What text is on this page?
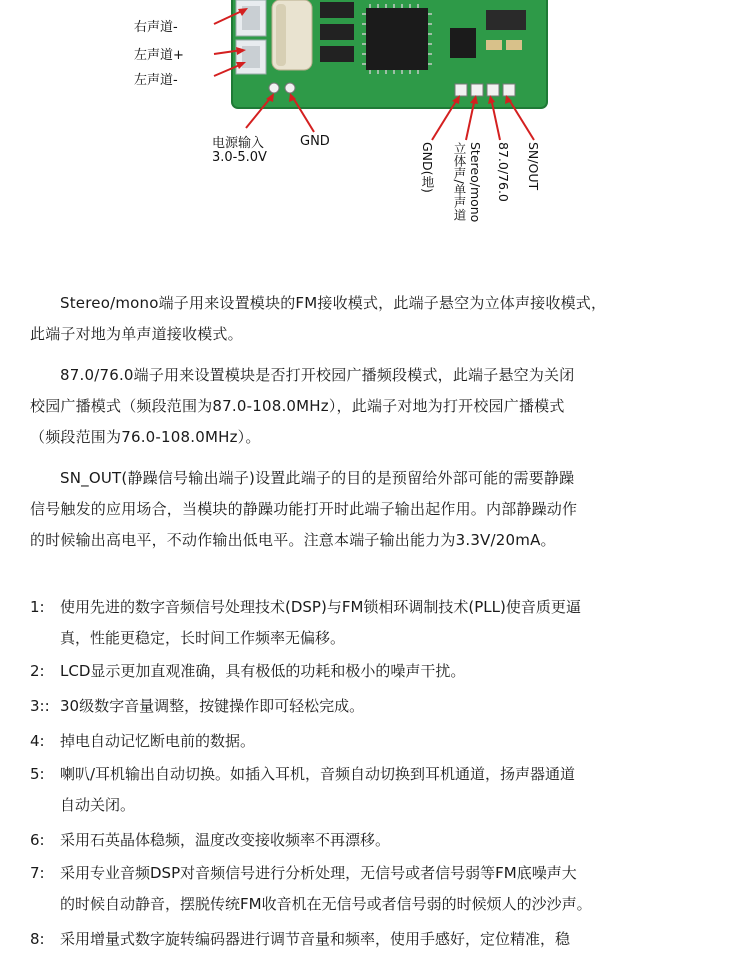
右声道-
左声道+
左声道-
电源输入
3.0-5.0V
GND
GND(地)	Stereo/mono
立体声/单声道 87.0/76.0 SN/OUT
Stereo/mono端子用来设置模块的FM接收模式，此端子悬空为立体声接收模式，
此端子对地为单声道接收模式。
87.0/76.0端子用来设置模块是否打开校园广播频段模式，此端子悬空为关闭
校园广播模式（频段范围为87.0-108.0MHz），此端子对地为打开校园广播模式
（频段范围为76.0-108.0MHz）。
SN_OUT(静躁信号输出端子)设置此端子的目的是预留给外部可能的需要静躁
信号触发的应用场合，当模块的静躁功能打开时此端子输出起作用。内部静躁动作
的时候输出高电平，不动作输出低电平。注意本端子输出能力为3.3V/20mA。
1: 使用先进的数字音频信号处理技术(DSP)与FM锁相环调制技术(PLL)使音质更逼
真，性能更稳定，长时间工作频率无偏移。
2: LCD显示更加直观准确，具有极低的功耗和极小的噪声干扰。
3:: 30级数字音量调整，按键操作即可轻松完成。
4: 掉电自动记忆断电前的数据。
5: 喇叭/耳机输出自动切换。如插入耳机，音频自动切换到耳机通道，扬声器通道
自动关闭。
6: 采用石英晶体稳频，温度改变接收频率不再漂移。
7: 采用专业音频DSP对音频信号进行分析处理，无信号或者信号弱等FM底噪声大
的时候自动静音，摆脱传统FM收音机在无信号或者信号弱的时候烦人的沙沙声。
8: 采用增量式数字旋转编码器进行调节音量和频率，使用手感好，定位精准，稳
